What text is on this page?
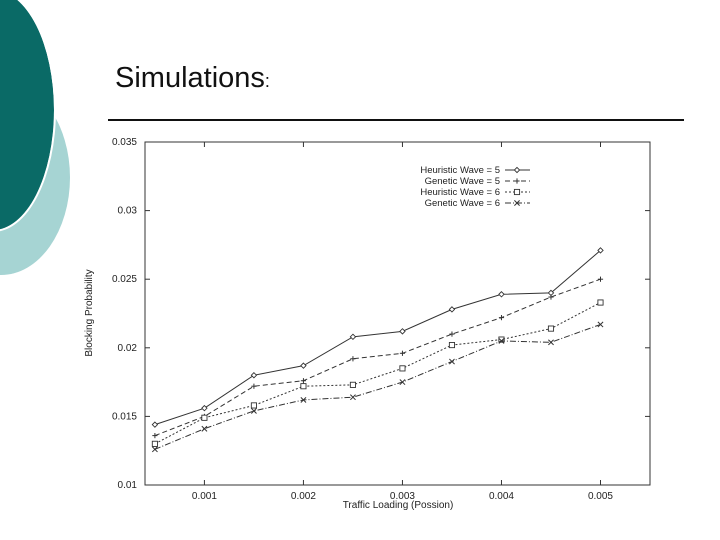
Simulations:
0.01
0.015
0.02
0.025
0.03
0.035
0.001	0.002	0.003	0.004	0.005
Blocking Probability
Traffic Loading (Possion)
Heuristic Wave = 5
Genetic Wave = 5
Heuristic Wave = 6
Genetic Wave = 6
